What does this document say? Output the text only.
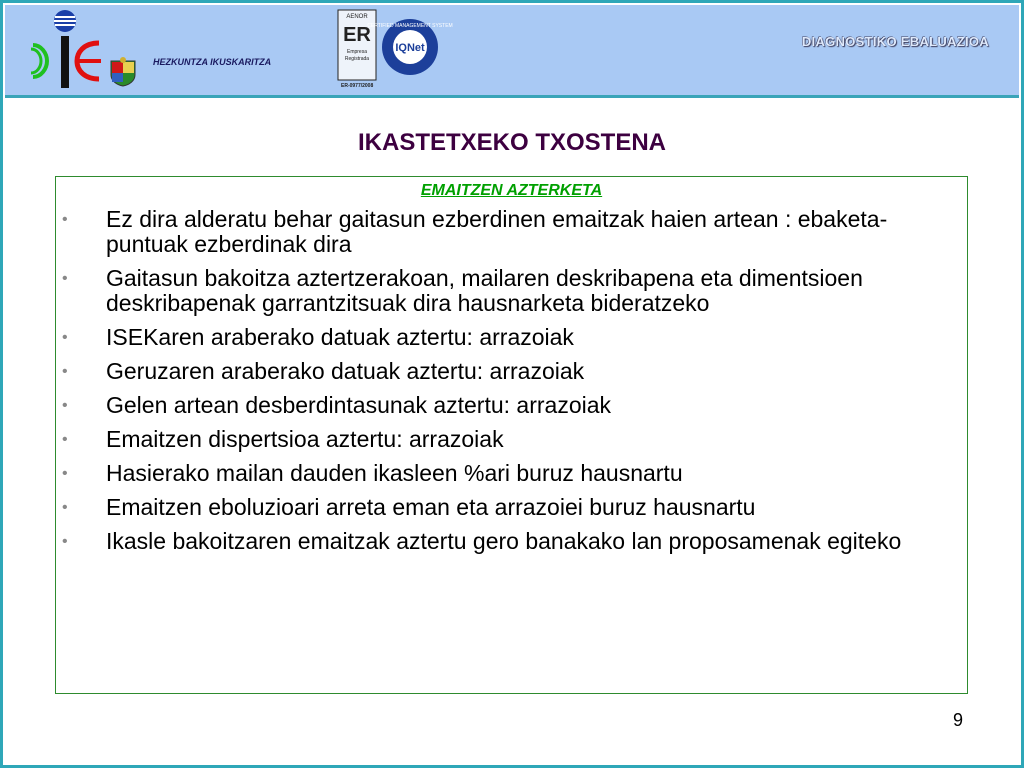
HEZKUNTZA IKUSKARITZA
AENOR
ER
Empresa
Registrada
IQNet
CERTIFIED MANAGEMENT SYSTEM
ER-0977/2008
DIAGNOSTIKO EBALUAZIOA
IKASTETXEKO TXOSTENA
EMAITZEN AZTERKETA
• Ez dira alderatu behar gaitasun ezberdinen emaitzak haien artean : ebaketa-puntuak ezberdinak dira
• Gaitasun bakoitza aztertzerakoan, mailaren deskribapena eta dimentsioen deskribapenak garrantzitsuak dira hausnarketa bideratzeko
• ISEKaren araberako datuak aztertu: arrazoiak
• Geruzaren araberako datuak aztertu: arrazoiak
• Gelen artean desberdintasunak aztertu: arrazoiak
• Emaitzen dispertsioa aztertu: arrazoiak
• Hasierako mailan dauden ikasleen %ari buruz hausnartu
• Emaitzen eboluzioari arreta eman eta arrazoiei buruz hausnartu
• Ikasle bakoitzaren emaitzak aztertu gero banakako lan proposamenak egiteko
9
